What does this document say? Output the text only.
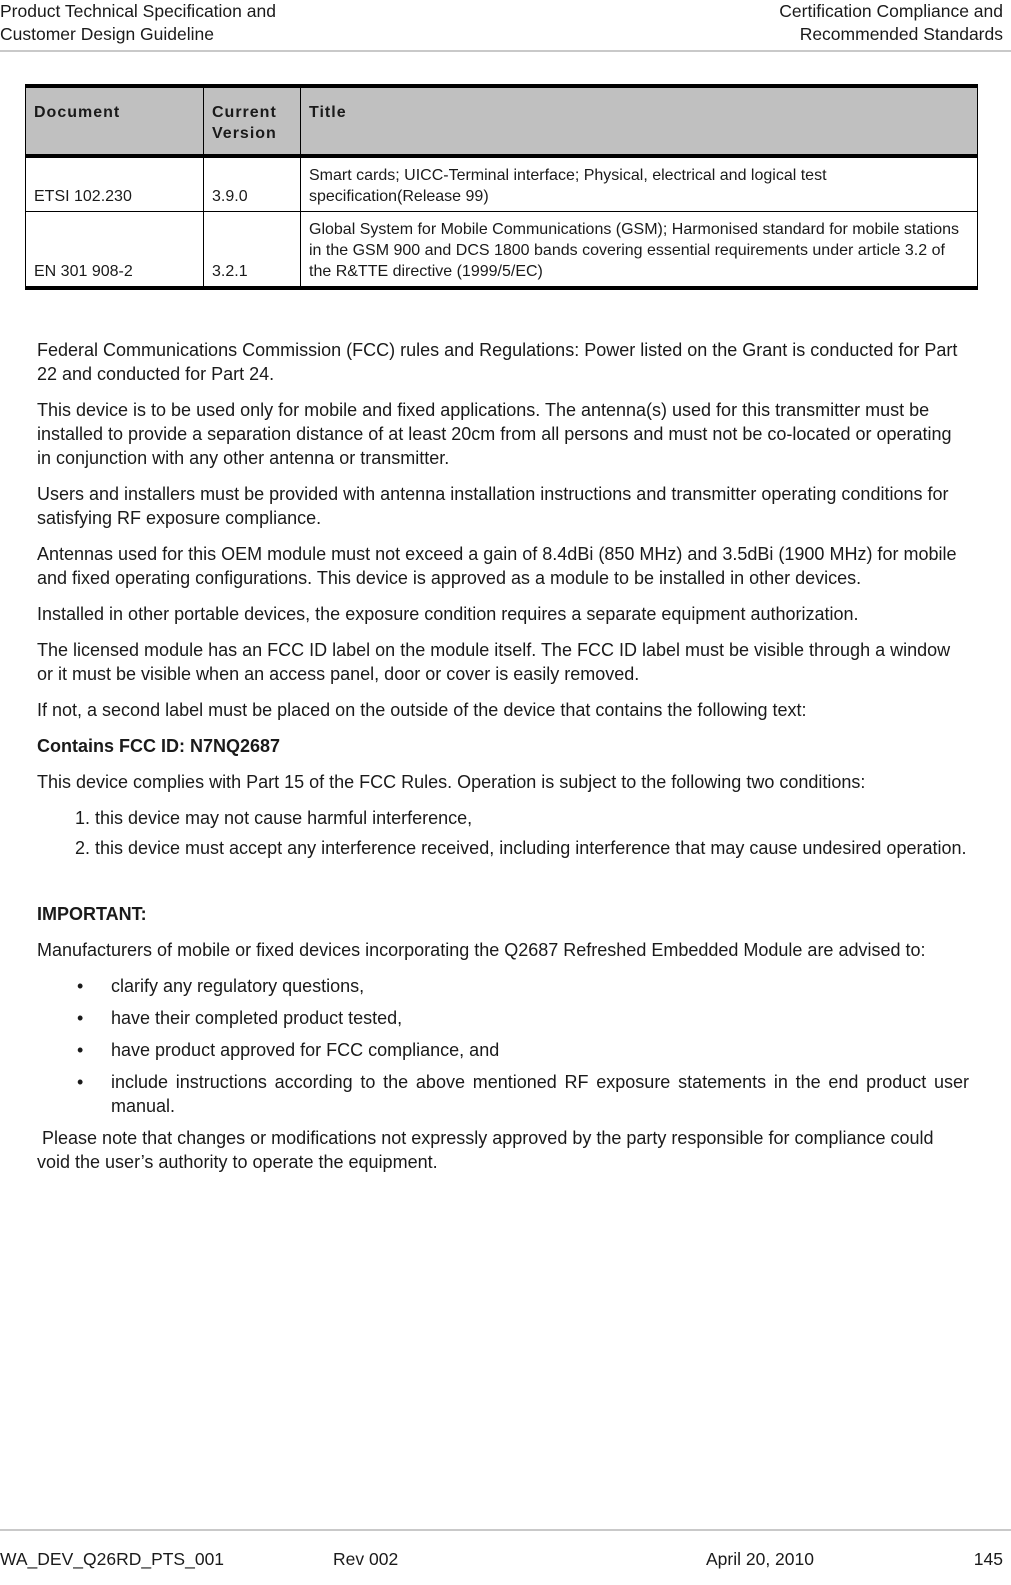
Product Technical Specification and
Customer Design Guideline
Certification Compliance and
Recommended Standards
Document	Current Version	Title
ETSI 102.230	3.9.0	Smart cards; UICC-Terminal interface; Physical, electrical and logical test specification(Release 99)
EN 301 908-2	3.2.1	Global System for Mobile Communications (GSM); Harmonised standard for mobile stations in the GSM 900 and DCS 1800 bands covering essential requirements under article 3.2 of the R&TTE directive (1999/5/EC)

Federal Communications Commission (FCC) rules and Regulations: Power listed on the Grant is conducted for Part 22 and conducted for Part 24.

This device is to be used only for mobile and fixed applications. The antenna(s) used for this transmitter must be installed to provide a separation distance of at least 20cm from all persons and must not be co-located or operating in conjunction with any other antenna or transmitter.

Users and installers must be provided with antenna installation instructions and transmitter operating conditions for satisfying RF exposure compliance.

Antennas used for this OEM module must not exceed a gain of 8.4dBi (850 MHz) and 3.5dBi (1900 MHz) for mobile and fixed operating configurations. This device is approved as a module to be installed in other devices.

Installed in other portable devices, the exposure condition requires a separate equipment authorization.

The licensed module has an FCC ID label on the module itself. The FCC ID label must be visible through a window or it must be visible when an access panel, door or cover is easily removed.

If not, a second label must be placed on the outside of the device that contains the following text:

Contains FCC ID: N7NQ2687

This device complies with Part 15 of the FCC Rules. Operation is subject to the following two conditions:

1. this device may not cause harmful interference,
2. this device must accept any interference received, including interference that may cause undesired operation.

IMPORTANT:

Manufacturers of mobile or fixed devices incorporating the Q2687 Refreshed Embedded Module are advised to:

• clarify any regulatory questions,
• have their completed product tested,
• have product approved for FCC compliance, and
• include instructions according to the above mentioned RF exposure statements in the end product user manual.

Please note that changes or modifications not expressly approved by the party responsible for compliance could void the user’s authority to operate the equipment.

WA_DEV_Q26RD_PTS_001	Rev 002	April 20, 2010	145
